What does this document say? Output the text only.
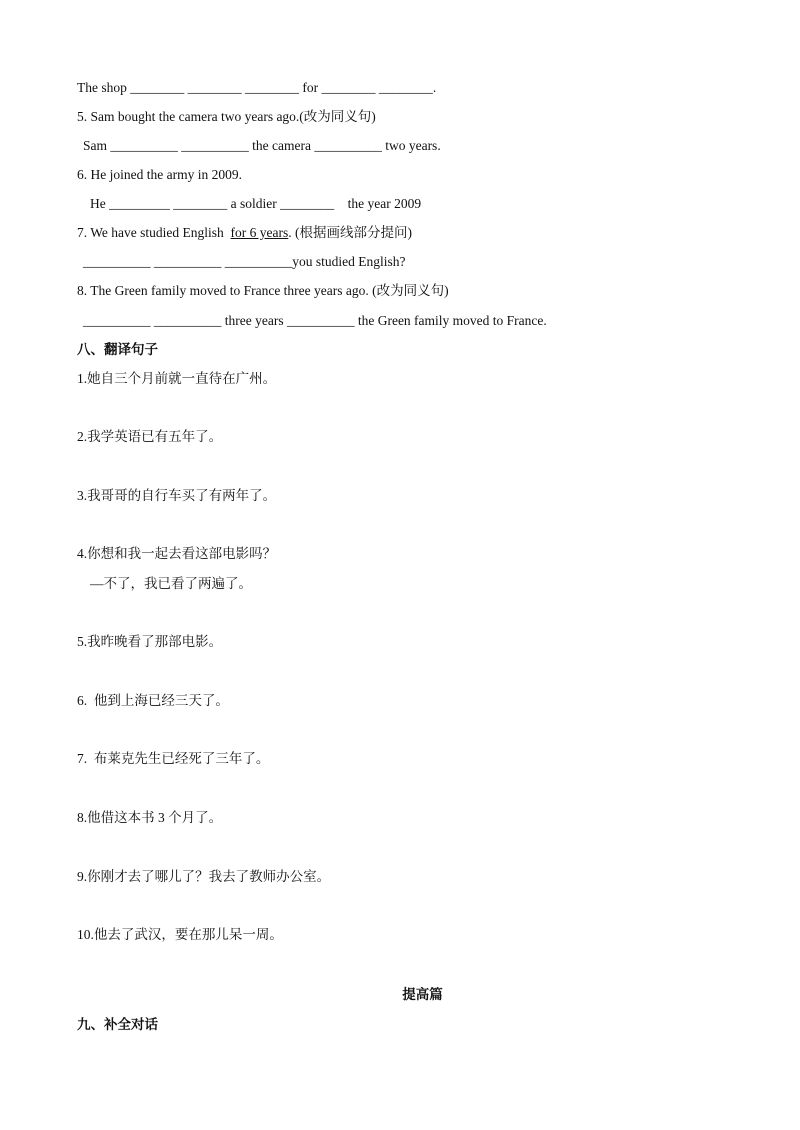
The shop ________ ________ ________ for ________ ________.
5. Sam bought the camera two years ago.(改为同义句)
Sam __________ __________ the camera __________ two years.
6. He joined the army in 2009.
He _________ ________ a soldier ________    the year 2009
7. We have studied English  for 6 years. (根据画线部分提问)
__________ __________ __________you studied English?
8. The Green family moved to France three years ago. (改为同义句)
__________ __________ three years __________ the Green family moved to France.
八、翻译句子
1.她自三个月前就一直待在广州。
2.我学英语已有五年了。
3.我哥哥的自行车买了有两年了。
4.你想和我一起去看这部电影吗？
—不了，我已看了两遍了。
5.我昨晚看了那部电影。
6.  他到上海已经三天了。
7.  布莱克先生已经死了三年了。
8.他借这本书 3 个月了。
9.你刚才去了哪儿了？我去了教师办公室。
10.他去了武汉，要在那儿呆一周。
提高篇
九、补全对话
